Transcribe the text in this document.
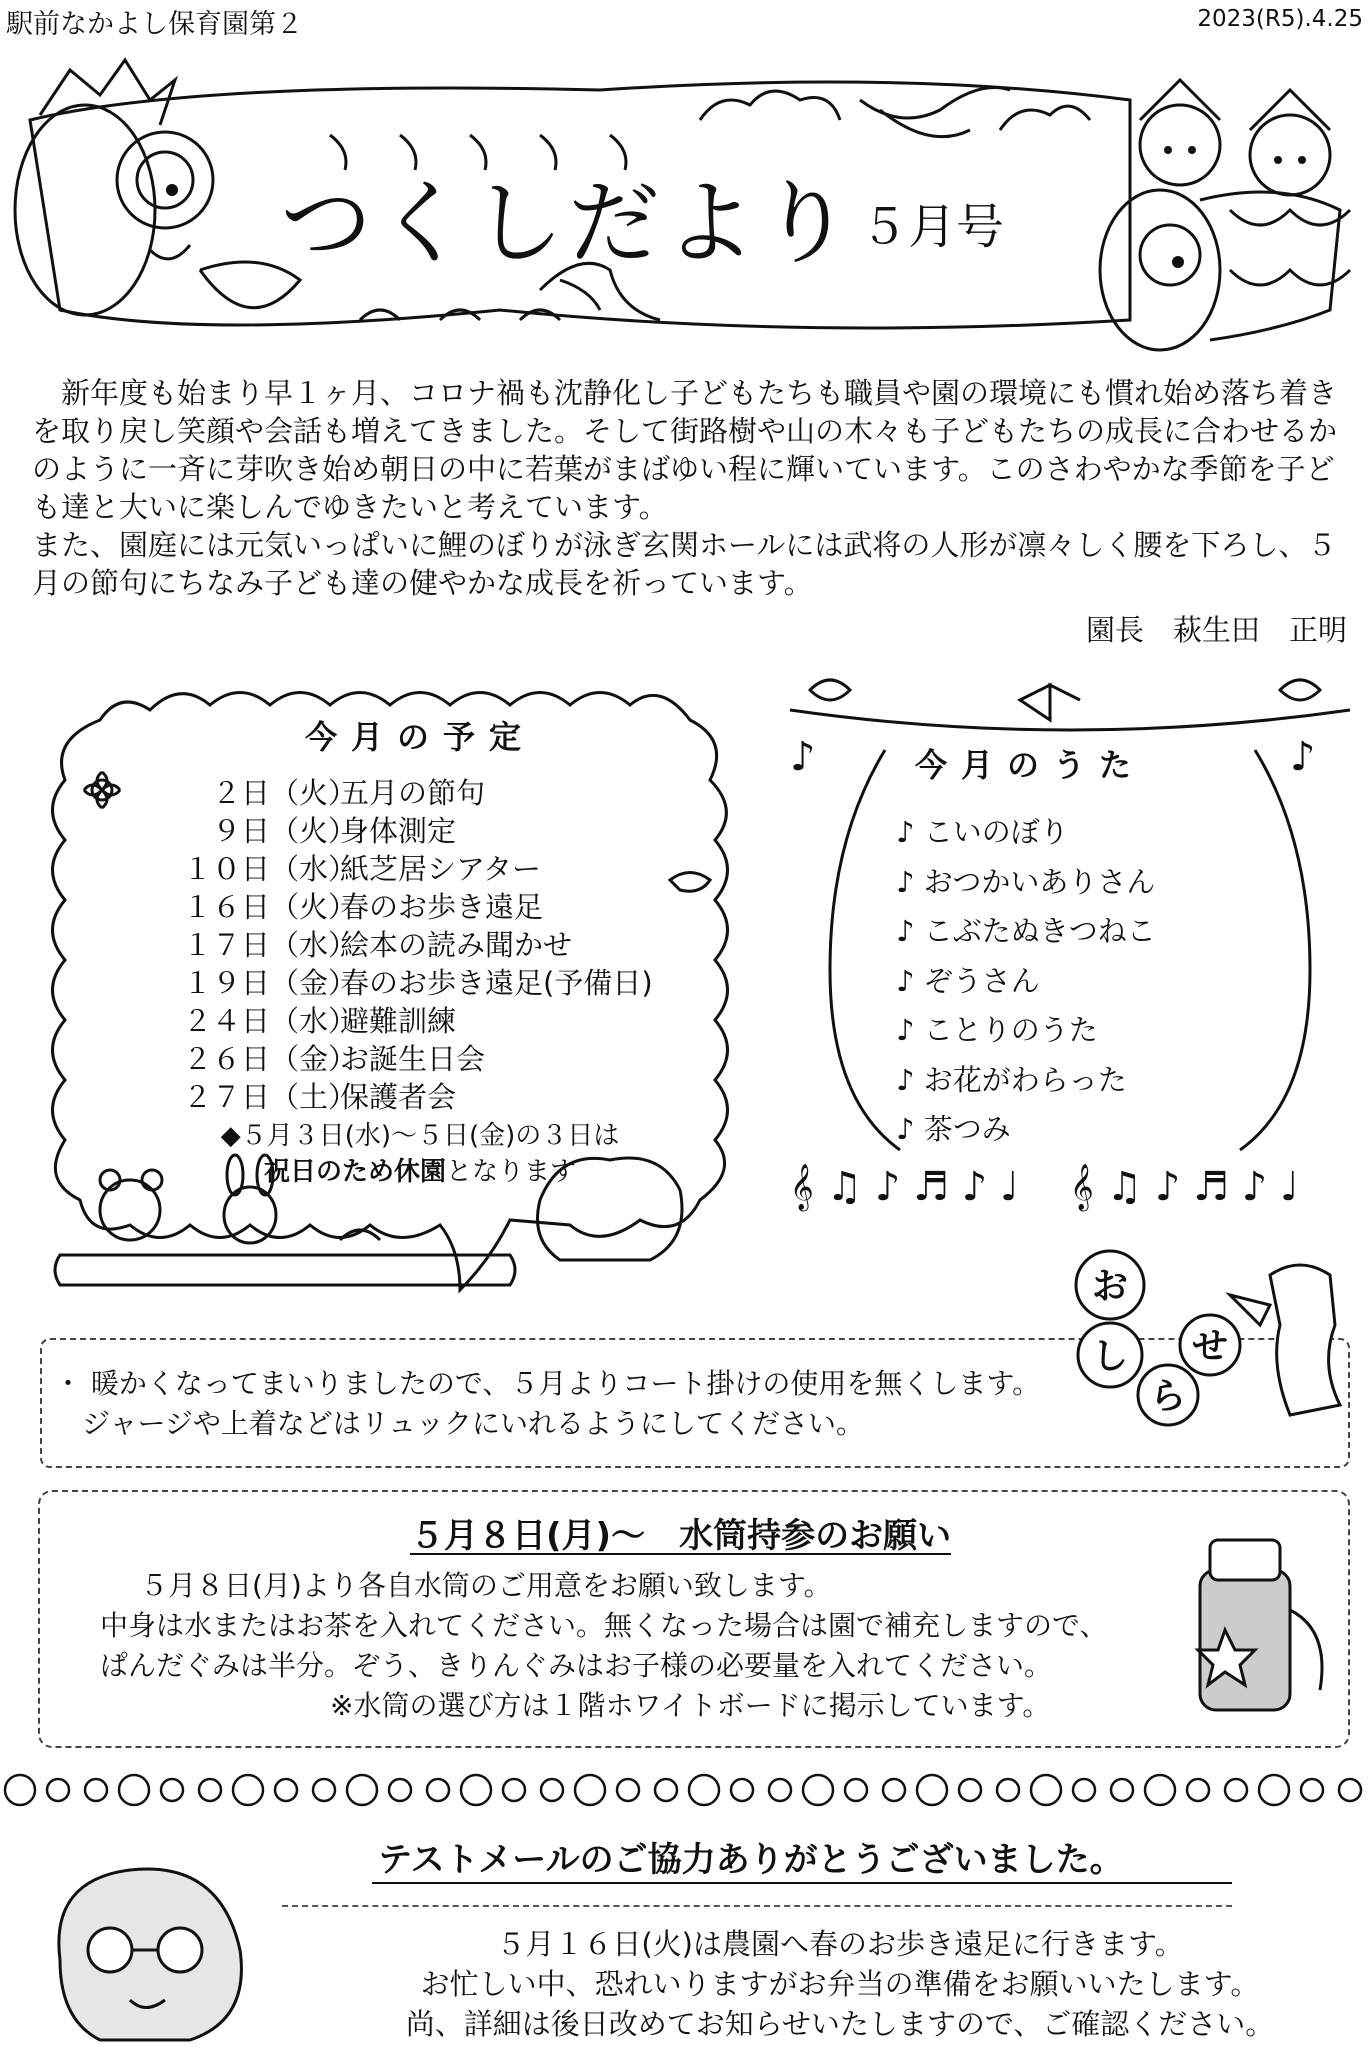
駅前なかよし保育園第２	2023(R5).4.25
つくしだより ５月号

新年度も始まり早１ヶ月、コロナ禍も沈静化し子どもたちも職員や園の環境にも慣れ始め落ち着きを取り戻し笑顔や会話も増えてきました。そして街路樹や山の木々も子どもたちの成長に合わせるかのように一斉に芽吹き始め朝日の中に若葉がまばゆい程に輝いています。このさわやかな季節を子ども達と大いに楽しんでゆきたいと考えています。

また、園庭には元気いっぱいに鯉のぼりが泳ぎ玄関ホールには武将の人形が凛々しく腰を下ろし、５月の節句にちなみ子ども達の健やかな成長を祈っています。

園長　萩生田　正明
今月の予定
２日 （火）
五月の節句
９日 （火）
身体測定
１０日 （水）
紙芝居シアター
１６日 （火）
春のお歩き遠足
１７日 （水）
絵本の読み聞かせ
１９日 （金）
春のお歩き遠足(予備日)
２４日 （水）
避難訓練
２６日 （金）
お誕生日会
２７日 （土）
保護者会
◆５月３日(水)～５日(金)の３日は
祝日のため休園となります
♪	♪
𝄞 ♫ ♪ ♬ ♪ ♩ 𝄞 ♫ ♪ ♬ ♪ ♩
今月のうた
♪ こいのぼり
♪ おつかいありさん
♪ こぶたぬきつねこ
♪ ぞうさん
♪ ことりのうた
♪ お花がわらった
♪ 茶つみ
お
し
ら
せ
・ 暖かくなってまいりましたので、５月よりコート掛けの使用を無くします。
　ジャージや上着などはリュックにいれるようにしてください。
５月８日(月)～　水筒持参のお願い

５月８日(月)より各自水筒のご用意をお願い致します。

中身は水またはお茶を入れてください。無くなった場合は園で補充しますので、

ぱんだぐみは半分。ぞう、きりんぐみはお子様の必要量を入れてください。

※水筒の選び方は１階ホワイトボードに掲示しています。

テストメールのご協力ありがとうございました。

５月１６日(火)は農園へ春のお歩き遠足に行きます。

お忙しい中、恐れいりますがお弁当の準備をお願いいたします。

尚、詳細は後日改めてお知らせいたしますので、ご確認ください。
